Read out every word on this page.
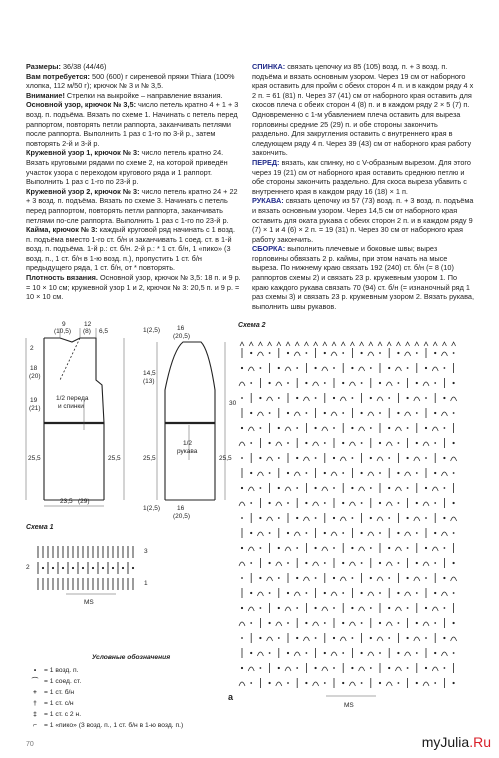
Размеры: 36/38 (44/46)

Вам потребуется: 500 (600) г сиреневой пряжи Thiara (100% хлопка, 112 м/50 г); крючок № 3 и № 3,5.

Внимание! Стрелки на выкройке – направление вязания.

Основной узор, крючок № 3,5: число петель кратно 4 + 1 + 3 возд. п. подъёма. Вязать по схеме 1. Начинать с петель перед раппортом, повторять петли раппорта, заканчивать петлями после раппорта. Выполнить 1 раз с 1-го по 3-й р., затем повторять 2-й и 3-й р.

Кружевной узор 1, крючок № 3: число петель кратно 24. Вязать круговыми рядами по схеме 2, на которой приведён участок узора с переходом кругового ряда и 1 раппорт. Выполнить 1 раз с 1-го по 23-й р.

Кружевной узор 2, крючок № 3: число петель кратно 24 + 22 + 3 возд. п. подъёма. Вязать по схеме 3. Начинать с петель перед раппортом, повторять петли раппорта, заканчивать петлями по-сле раппорта. Выполнить 1 раз с 1-го по 23-й р.

Кайма, крючок № 3: каждый круговой ряд начинать с 1 возд. п. подъёма вместо 1-го ст. б/н и заканчивать 1 соед. ст. в 1-й возд. п. подъёма. 1-й р.: ст. б/н. 2-й р.: * 1 ст. б/н, 1 «пико» (3 возд. п., 1 ст. б/н в 1-ю возд. п.), пропустить 1 ст. б/н предыдущего ряда, 1 ст. б/н, от * повторять.

Плотность вязания. Основной узор, крючок № 3,5: 18 п. и 9 р. = 10 × 10 см; кружевной узор 1 и 2, крючок № 3: 20,5 п. и 9 р. = 10 × 10 см.

СПИНКА: связать цепочку из 85 (105) возд. п. + 3 возд. п. подъёма и вязать основным узором. Через 19 см от наборного края оставить для пройм с обеих сторон 4 п. и в каждом ряду 4 х 2 п. = 61 (81) п. Через 37 (41) см от наборного края оставить для скосов плеча с обеих сторон 4 (8) п. и в каждом ряду 2 × 5 (7) п. Одновременно с 1-м убавлением плеча оставить для выреза горловины средние 25 (29) п. и обе стороны закончить раздельно. Для закругления оставить с внутреннего края в следующем ряду 4 п. Через 39 (43) см от наборного края работу закончить.

ПЕРЕД: вязать, как спинку, но с V-образным вырезом. Для этого через 19 (21) см от наборного края оставить среднюю петлю и обе стороны закончить раздельно. Для скоса выреза убавить с внутреннего края в каждом ряду 16 (18) × 1 п.

РУКАВА: связать цепочку из 57 (73) возд. п. + 3 возд. п. подъёма и вязать основным узором. Через 14,5 см от наборного края оставить для оката рукава с обеих сторон 2 п. и в каждом ряду 9 (7) × 1 и 4 (6) × 2 п. = 19 (31) п. Через 30 см от наборного края работу закончить.

СБОРКА: выполнить плечевые и боковые швы; вырез горловины обвязать 2 р. каймы, при этом начать на мысе выреза. По нижнему краю связать 192 (240) ст. б/н (= 8 (10) раппортов схемы 2) и связать 23 р. кружевным узором 1. По краю каждого рукава связать 70 (94) ст. б/н (= изнаночный ряд 1 раз схемы 3) и связать 23 р. кружевным узором 2. Вязать рукава, выполнить швы рукавов.

9
(10,5)
12
(8) 6,5
2
18
(20)
19
(21)
25,5	25,5
23,5 (29)
1/2 переда
и спинки
1(2,5)	16
(20,5)
14,5
(13)
30
25,5	25,5
1(2,5)	16
(20,5)
1/2
рукава
Схема 1
3
2
1
MS
Схема 2
MS
a
Условные обозначения
• = 1 возд. п.
⌒ = 1 соед. ст.
+ = 1 ст. б/н
† = 1 ст. с/н
‡ = 1 ст. с 2 н.
⌐ = 1 «пико» (3 возд. п., 1 ст. б/н в 1-ю возд. п.)
70	myJulia.Ru
